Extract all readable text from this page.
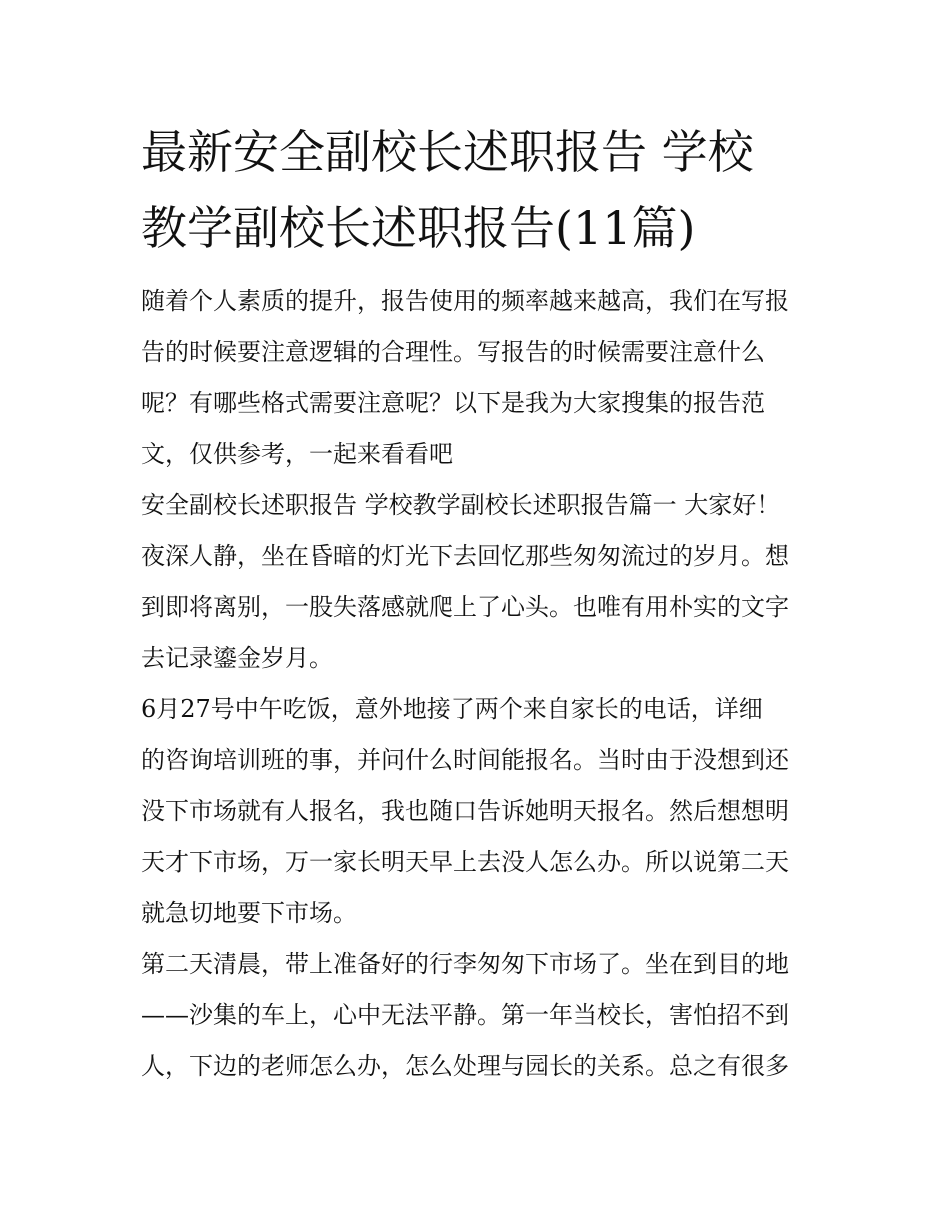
最新安全副校长述职报告 学校
教学副校长述职报告(11篇)
随着个人素质的提升，报告使用的频率越来越高，我们在写报
告的时候要注意逻辑的合理性。写报告的时候需要注意什么
呢？有哪些格式需要注意呢？以下是我为大家搜集的报告范
文，仅供参考，一起来看看吧
安全副校长述职报告 学校教学副校长述职报告篇一 大家好！
夜深人静，坐在昏暗的灯光下去回忆那些匆匆流过的岁月。想
到即将离别，一股失落感就爬上了心头。也唯有用朴实的文字
去记录鎏金岁月。
6月27号中午吃饭，意外地接了两个来自家长的电话，详细
的咨询培训班的事，并问什么时间能报名。当时由于没想到还
没下市场就有人报名，我也随口告诉她明天报名。然后想想明
天才下市场，万一家长明天早上去没人怎么办。所以说第二天
就急切地要下市场。
第二天清晨，带上准备好的行李匆匆下市场了。坐在到目的地
——沙集的车上，心中无法平静。第一年当校长，害怕招不到
人，下边的老师怎么办，怎么处理与园长的关系。总之有很多
